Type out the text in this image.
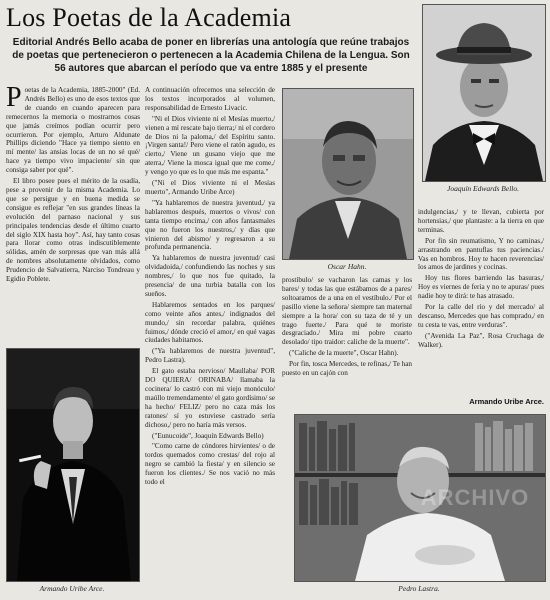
Los Poetas de la Academia
Editorial Andrés Bello acaba de poner en librerías una antología que reúne trabajos de poetas que pertenecieron o pertenecen a la Academia Chilena de la Lengua. Son 56 autores que abarcan el período que va entre 1885 y el presente

Poetas de la Academia, 1885-2000" (Ed. Andrés Bello) es uno de esos textos que de cuando en cuando aparecen para remecernos la memoria o mostrarnos cosas que jamás creímos podían ocurrir pero ocurrieron. Por ejemplo, Arturo Aldunate Phillips diciendo "Hace ya tiempo siento en mí mente/ las ansias locas de un no sé qué/ hace ya tiempo vivo impaciente/ sin que consiga saber por qué".

El libro posee pues el mérito de la osadía, pese a provenir de la misma Academia. Lo que se persigue y en buena medida se consigue es reflejar "en sus grandes líneas la evolución del parnaso nacional y sus principales tendencias desde el último cuarto del siglo XIX hasta hoy". Así, hay tanto cosas para llorar como otras indiscutiblemente sólidas, amén de sorpresas que van más allá de nombres absolutamente olvidados, como Prudencio de Salvatierra, Narciso Tondreau y Egidio Poblete.

Armando Uribe Arce.

A continuación ofrecemos una selección de los textos incorporados al volumen, responsabilidad de Ernesto Livacic.

"Ni el Dios viviente ni el Mesías muerto,/ vienen a mí rescate bajo tierra;/ ni el cordero de Dios ni la paloma,/ del Espíritu santo. ¡Virgen santa!/ Pero viene el ratón agudo, es cierto,/ Viene un gusano viejo que me aterra,/ Viene la mosca igual que me come,/ y vengo yo que es lo que más me espanta."

("Ni el Dios viviente ni el Mesías muerto", Armando Uribe Arce)

"Ya hablaremos de nuestra juventud,/ ya hablaremos después, muertos o vivos/ con tanta tiempo encima,/ con años fantasmales que no fueron los nuestros,/ y días que vinieron del abismo/ y regresaron a su profunda permanencia.

Ya hablaremos de nuestra juventud/ casi olvidadoida,/ confundiendo las noches y sus nombres,/ lo que nos fue quitado, la presencia/ de una turbia batalla con los sueños.

Hablaremos sentados en los parques/ como veinte años antes,/ indignados del mundo,/ sin recordar palabra, quiénes fuimos,/ dónde creció el amor,/ en qué vagas ciudades habitamos.

("Ya hablaremos de nuestra juventud", Pedro Lastra).

El gato estaba nervioso/ Maullaba/ POR DO QUIERA/ ORINABA/ llamaba la cocinera/ lo castró con mi viejo monóculo/ maúllo tremendamente/ el gato gordísimo/ se ha hecho/ FELIZ/ pero no caza más los ratones/ sí yo estuviese castrado sería dichoso,/ pero no haría más versos.

("Eunucoide", Joaquín Edwards Bello)

"Como carne de cóndores hirvientes/ o de tordos quemados como crestas/ del rojo al negro se cambió la fiesta/ y en silencio se fueron los clientes./ Se nos vació no más todo el

Oscar Hahn.
Joaquín Edwards Bello.

prostíbulo/ se vacharon las camas y los bares/ y todas las que estábamos de a pares/ soltoaramos de a una en el vestíbulo./ Por el pasillo viene la señora/ siempre tan maternal siempre a la hora/ con su taza de té y un trago fuerte./ Para qué te moriste desgraciado./ Mira mi pobre cuarto desolado/ tipo traidor: caliche de la muerte".

("Caliche de la muerte", Oscar Hahn).

Por fin, tosca Mercedes, te refinas,/ Te han puesto en un cajón con

indulgencias,/ y te llevan, cubierta por hortensias,/ que plantaste: a la tierra en que terminas.

Por fin sin reumatismo, Y no caminas,/ arrastrando en pantuflas tus paciencias./ Vas en hombros. Hoy te hacen reverencias/ los amos de jardines y cocinas.

Hoy tus flores barriendo las basuras,/ Hoy es viernes de feria y no te apuras/ pues nadie hoy te dirá: te has atrasado.

Por la calle del río y del mercado/ al descanso, Mercedes que has comprado,/ en tu cesta te vas, entre verduras".

("Avenida La Paz", Rosa Cruchaga de Walker).

Armando Uribe Arce.
ARCHIVO
Pedro Lastra.
